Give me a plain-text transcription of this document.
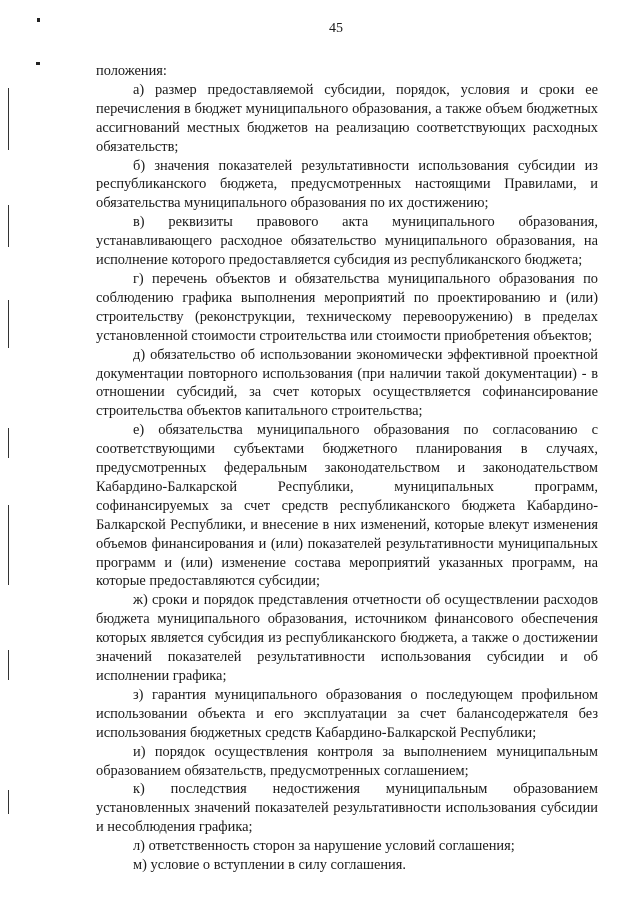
45

положения:

а) размер предоставляемой субсидии, порядок, условия и сроки ее перечисления в бюджет муниципального образования, а также объем бюджетных ассигнований местных бюджетов на реализацию соответствующих расходных обязательств;

б) значения показателей результативности использования субсидии из республиканского бюджета, предусмотренных настоящими Правилами, и обязательства муниципального образования по их достижению;

в) реквизиты правового акта муниципального образования, устанавливающего расходное обязательство муниципального образования, на исполнение которого предоставляется субсидия из республиканского бюджета;

г) перечень объектов и обязательства муниципального образования по соблюдению графика выполнения мероприятий по проектированию и (или) строительству (реконструкции, техническому перевооружению) в пределах установленной стоимости строительства или стоимости приобретения объектов;

д) обязательство об использовании экономически эффективной проектной документации повторного использования (при наличии такой документации) - в отношении субсидий, за счет которых осуществляется софинансирование строительства объектов капитального строительства;

е) обязательства муниципального образования по согласованию с соответствующими субъектами бюджетного планирования в случаях, предусмотренных федеральным законодательством и законодательством Кабардино-Балкарской Республики, муниципальных программ, софинансируемых за счет средств республиканского бюджета Кабардино-Балкарской Республики, и внесение в них изменений, которые влекут изменения объемов финансирования и (или) показателей результативности муниципальных программ и (или) изменение состава мероприятий указанных программ, на которые предоставляются субсидии;

ж) сроки и порядок представления отчетности об осуществлении расходов бюджета муниципального образования, источником финансового обеспечения которых является субсидия из республиканского бюджета, а также о достижении значений показателей результативности использования субсидии и об исполнении графика;

з) гарантия муниципального образования о последующем профильном использовании объекта и его эксплуатации за счет балансодержателя без использования бюджетных средств Кабардино-Балкарской Республики;

и) порядок осуществления контроля за выполнением муниципальным образованием обязательств, предусмотренных соглашением;

к) последствия недостижения муниципальным образованием установленных значений показателей результативности использования субсидии и несоблюдения графика;

л) ответственность сторон за нарушение условий соглашения;

м) условие о вступлении в силу соглашения.
